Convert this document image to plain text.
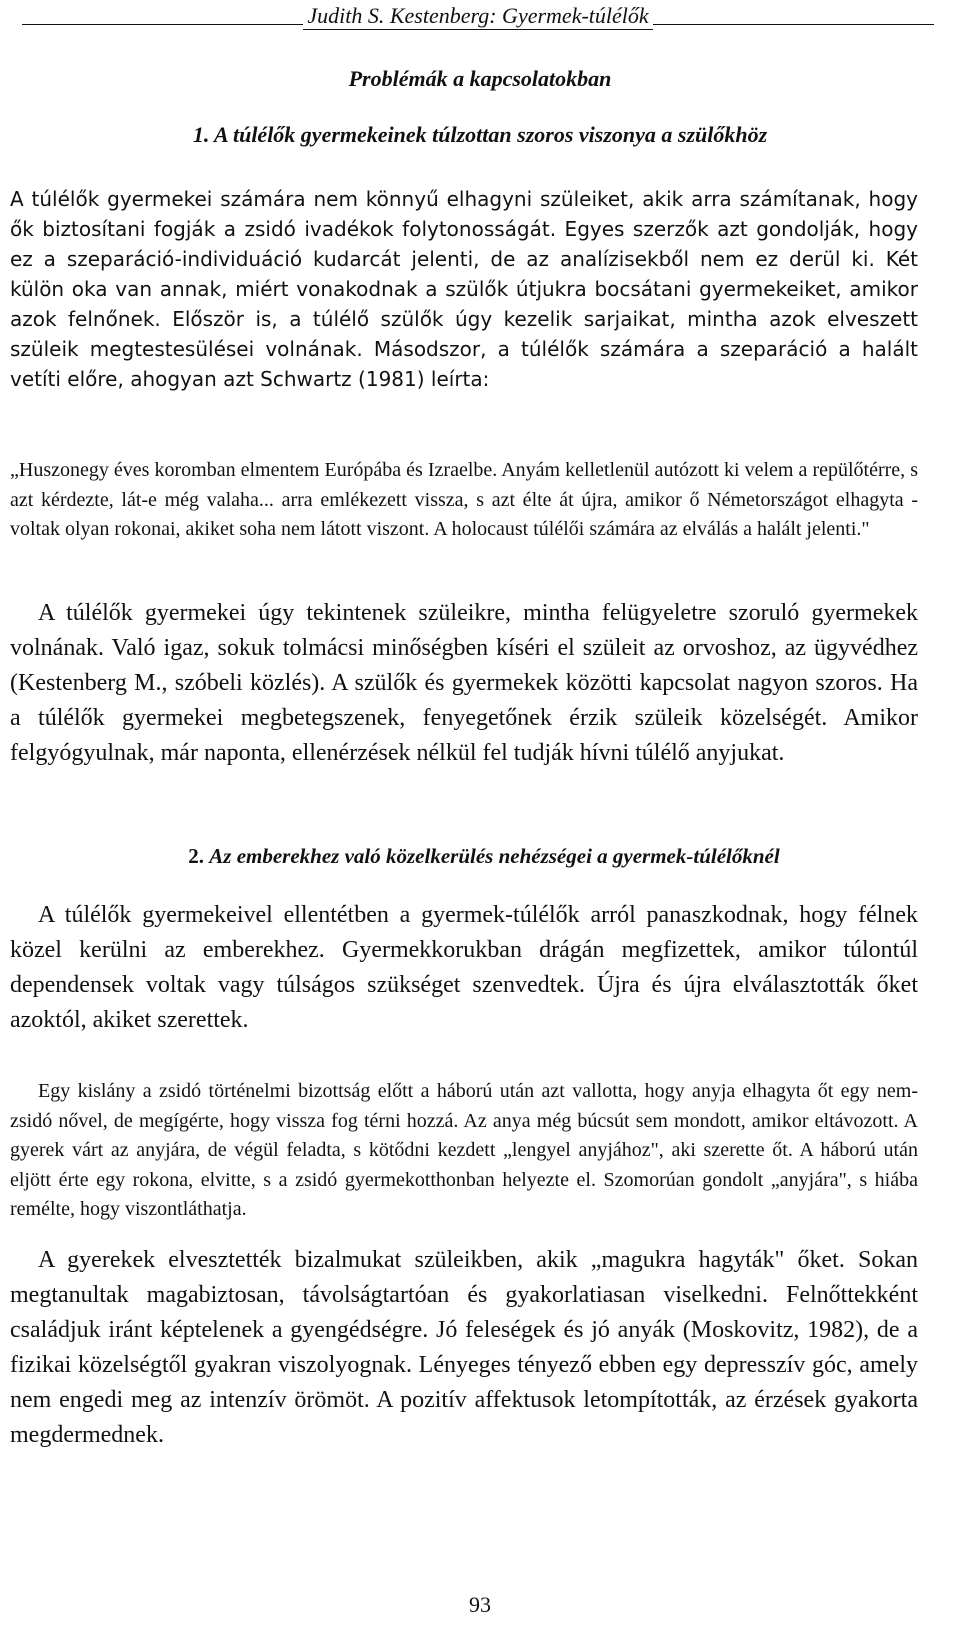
Judith S. Kestenberg: Gyermek-túlélők
Problémák a kapcsolatokban
1. A túlélők gyermekeinek túlzottan szoros viszonya a szülőkhöz

A túlélők gyermekei számára nem könnyű elhagyni szüleiket, akik arra számítanak, hogy ők biztosítani fogják a zsidó ivadékok folytonosságát. Egyes szerzők azt gondolják, hogy ez a szeparáció-individuáció kudarcát jelenti, de az analízisekből nem ez derül ki. Két külön oka van annak, miért vonakodnak a szülők útjukra bocsátani gyermekeiket, amikor azok felnőnek. Először is, a túlélő szülők úgy kezelik sarjaikat, mintha azok elveszett szüleik megtestesülései volnának. Másodszor, a túlélők számára a szeparáció a halált vetíti előre, ahogyan azt Schwartz (1981) leírta:

„Huszonegy éves koromban elmentem Európába és Izraelbe. Anyám kelletlenül autózott ki velem a repülőtérre, s azt kérdezte, lát-e még valaha... arra emlékezett vissza, s azt élte át újra, amikor ő Németországot elhagyta - voltak olyan rokonai, akiket soha nem látott viszont. A holocaust túlélői számára az elválás a halált jelenti."

A túlélők gyermekei úgy tekintenek szüleikre, mintha felügyeletre szoruló gyermekek volnának. Való igaz, sokuk tolmácsi minőségben kíséri el szüleit az orvoshoz, az ügyvédhez (Kestenberg M., szóbeli közlés). A szülők és gyermekek közötti kapcsolat nagyon szoros. Ha a túlélők gyermekei megbetegszenek, fenyegetőnek érzik szüleik közelségét. Amikor felgyógyulnak, már naponta, ellenérzések nélkül fel tudják hívni túlélő anyjukat.

2. Az emberekhez való közelkerülés nehézségei a gyermek-túlélőknél

A túlélők gyermekeivel ellentétben a gyermek-túlélők arról panaszkodnak, hogy félnek közel kerülni az emberekhez. Gyermekkorukban drágán megfizettek, amikor túlontúl dependensek voltak vagy túlságos szükséget szenvedtek. Újra és újra elválasztották őket azoktól, akiket szerettek.

Egy kislány a zsidó történelmi bizottság előtt a háború után azt vallotta, hogy anyja elhagyta őt egy nem-zsidó nővel, de megígérte, hogy vissza fog térni hozzá. Az anya még búcsút sem mondott, amikor eltávozott. A gyerek várt az anyjára, de végül feladta, s kötődni kezdett „lengyel anyjához", aki szerette őt. A háború után eljött érte egy rokona, elvitte, s a zsidó gyermekotthonban helyezte el. Szomorúan gondolt „anyjára", s hiába remélte, hogy viszontláthatja.

A gyerekek elvesztették bizalmukat szüleikben, akik „magukra hagyták" őket. Sokan megtanultak magabiztosan, távolságtartóan és gyakorlatiasan viselkedni. Felnőttekként családjuk iránt képtelenek a gyengédségre. Jó feleségek és jó anyák (Moskovitz, 1982), de a fizikai közelségtől gyakran viszolyognak. Lényeges tényező ebben egy depresszív góc, amely nem engedi meg az intenzív örömöt. A pozitív affektusok letompították, az érzések gyakorta megdermednek.

93
